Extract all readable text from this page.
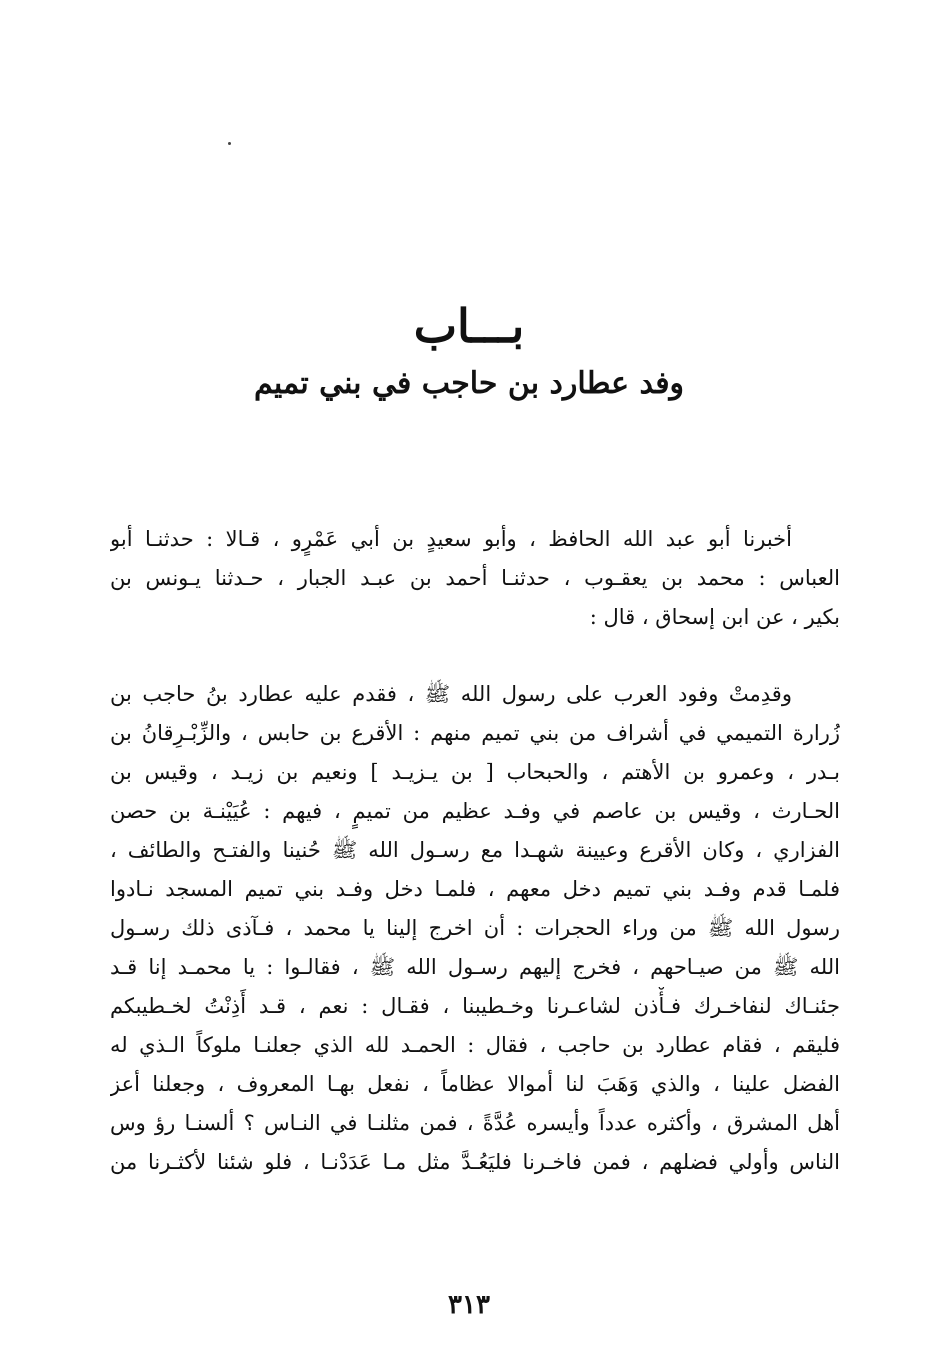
بـــاب
وفد عطارد بن حاجب في بني تميم
أخبرنا أبو عبد الله الحافظ ، وأبو سعيدٍ بن أبي عَمْرٍو ، قـالا : حدثنـا أبو
العباس : محمد بن يعقـوب ، حدثنـا أحمد بن عبـد الجبار ، حـدثنا يـونس بن
بكير ، عن ابن إسحاق ، قال :
وقدِمتْ وفود العرب على رسول الله ﷺ ، فقدم عليه عطارد بنُ حاجب بن
زُرارة التميمي في أشراف من بني تميم منهم : الأقرع بن حابس ، والزِّبْـرِقانُ بن
بـدر ، وعمرو بن الأهتم ، والحبحاب [ بن يـزيـد ] ونعيم بن زيـد ، وقيس بن
الحـارث ، وقيس بن عاصم في وفـد عظيم من تميمٍ ، فيهم : عُيَيْنـة بن حصن
الفزاري ، وكان الأقرع وعيينة شهـدا مع رسـول الله ﷺ حُنينا والفتـح والطائف ،
فلمـا قدم وفـد بني تميم دخل معهم ، فلمـا دخل وفـد بني تميم المسجد نـادوا
رسول الله ﷺ من وراء الحجرات : أن اخرج إلينا يا محمد ، فـآذى ذلك رسـول
الله ﷺ من صيـاحهم ، فخرج إليهم رسـول الله ﷺ ، فقالـوا : يا محمـد إنا قـد
جئنـاك لنفاخـرك فـأْذن لشاعـرنا وخـطيبنا ، فقـال : نعم ، قـد أَذِنْتُ لخـطيبكم
فليقم ، فقام عطارد بن حاجب ، فقال : الحمـد لله الذي جعلنـا ملوكاً الـذي له
الفضل علينا ، والذي وَهَبَ لنا أموالا عظاماً ، نفعل بهـا المعروف ، وجعلنا أعز
أهل المشرق ، وأكثره عدداً وأيسره عُدَّةً ، فمن مثلنـا في النـاس ؟ ألسنـا رؤ وس
الناس وأولي فضلهم ، فمن فاخـرنا فليَعُـدَّ مثل مـا عَدَدْنـا ، فلو شئنا لأكثـرنا من
٣١٣
